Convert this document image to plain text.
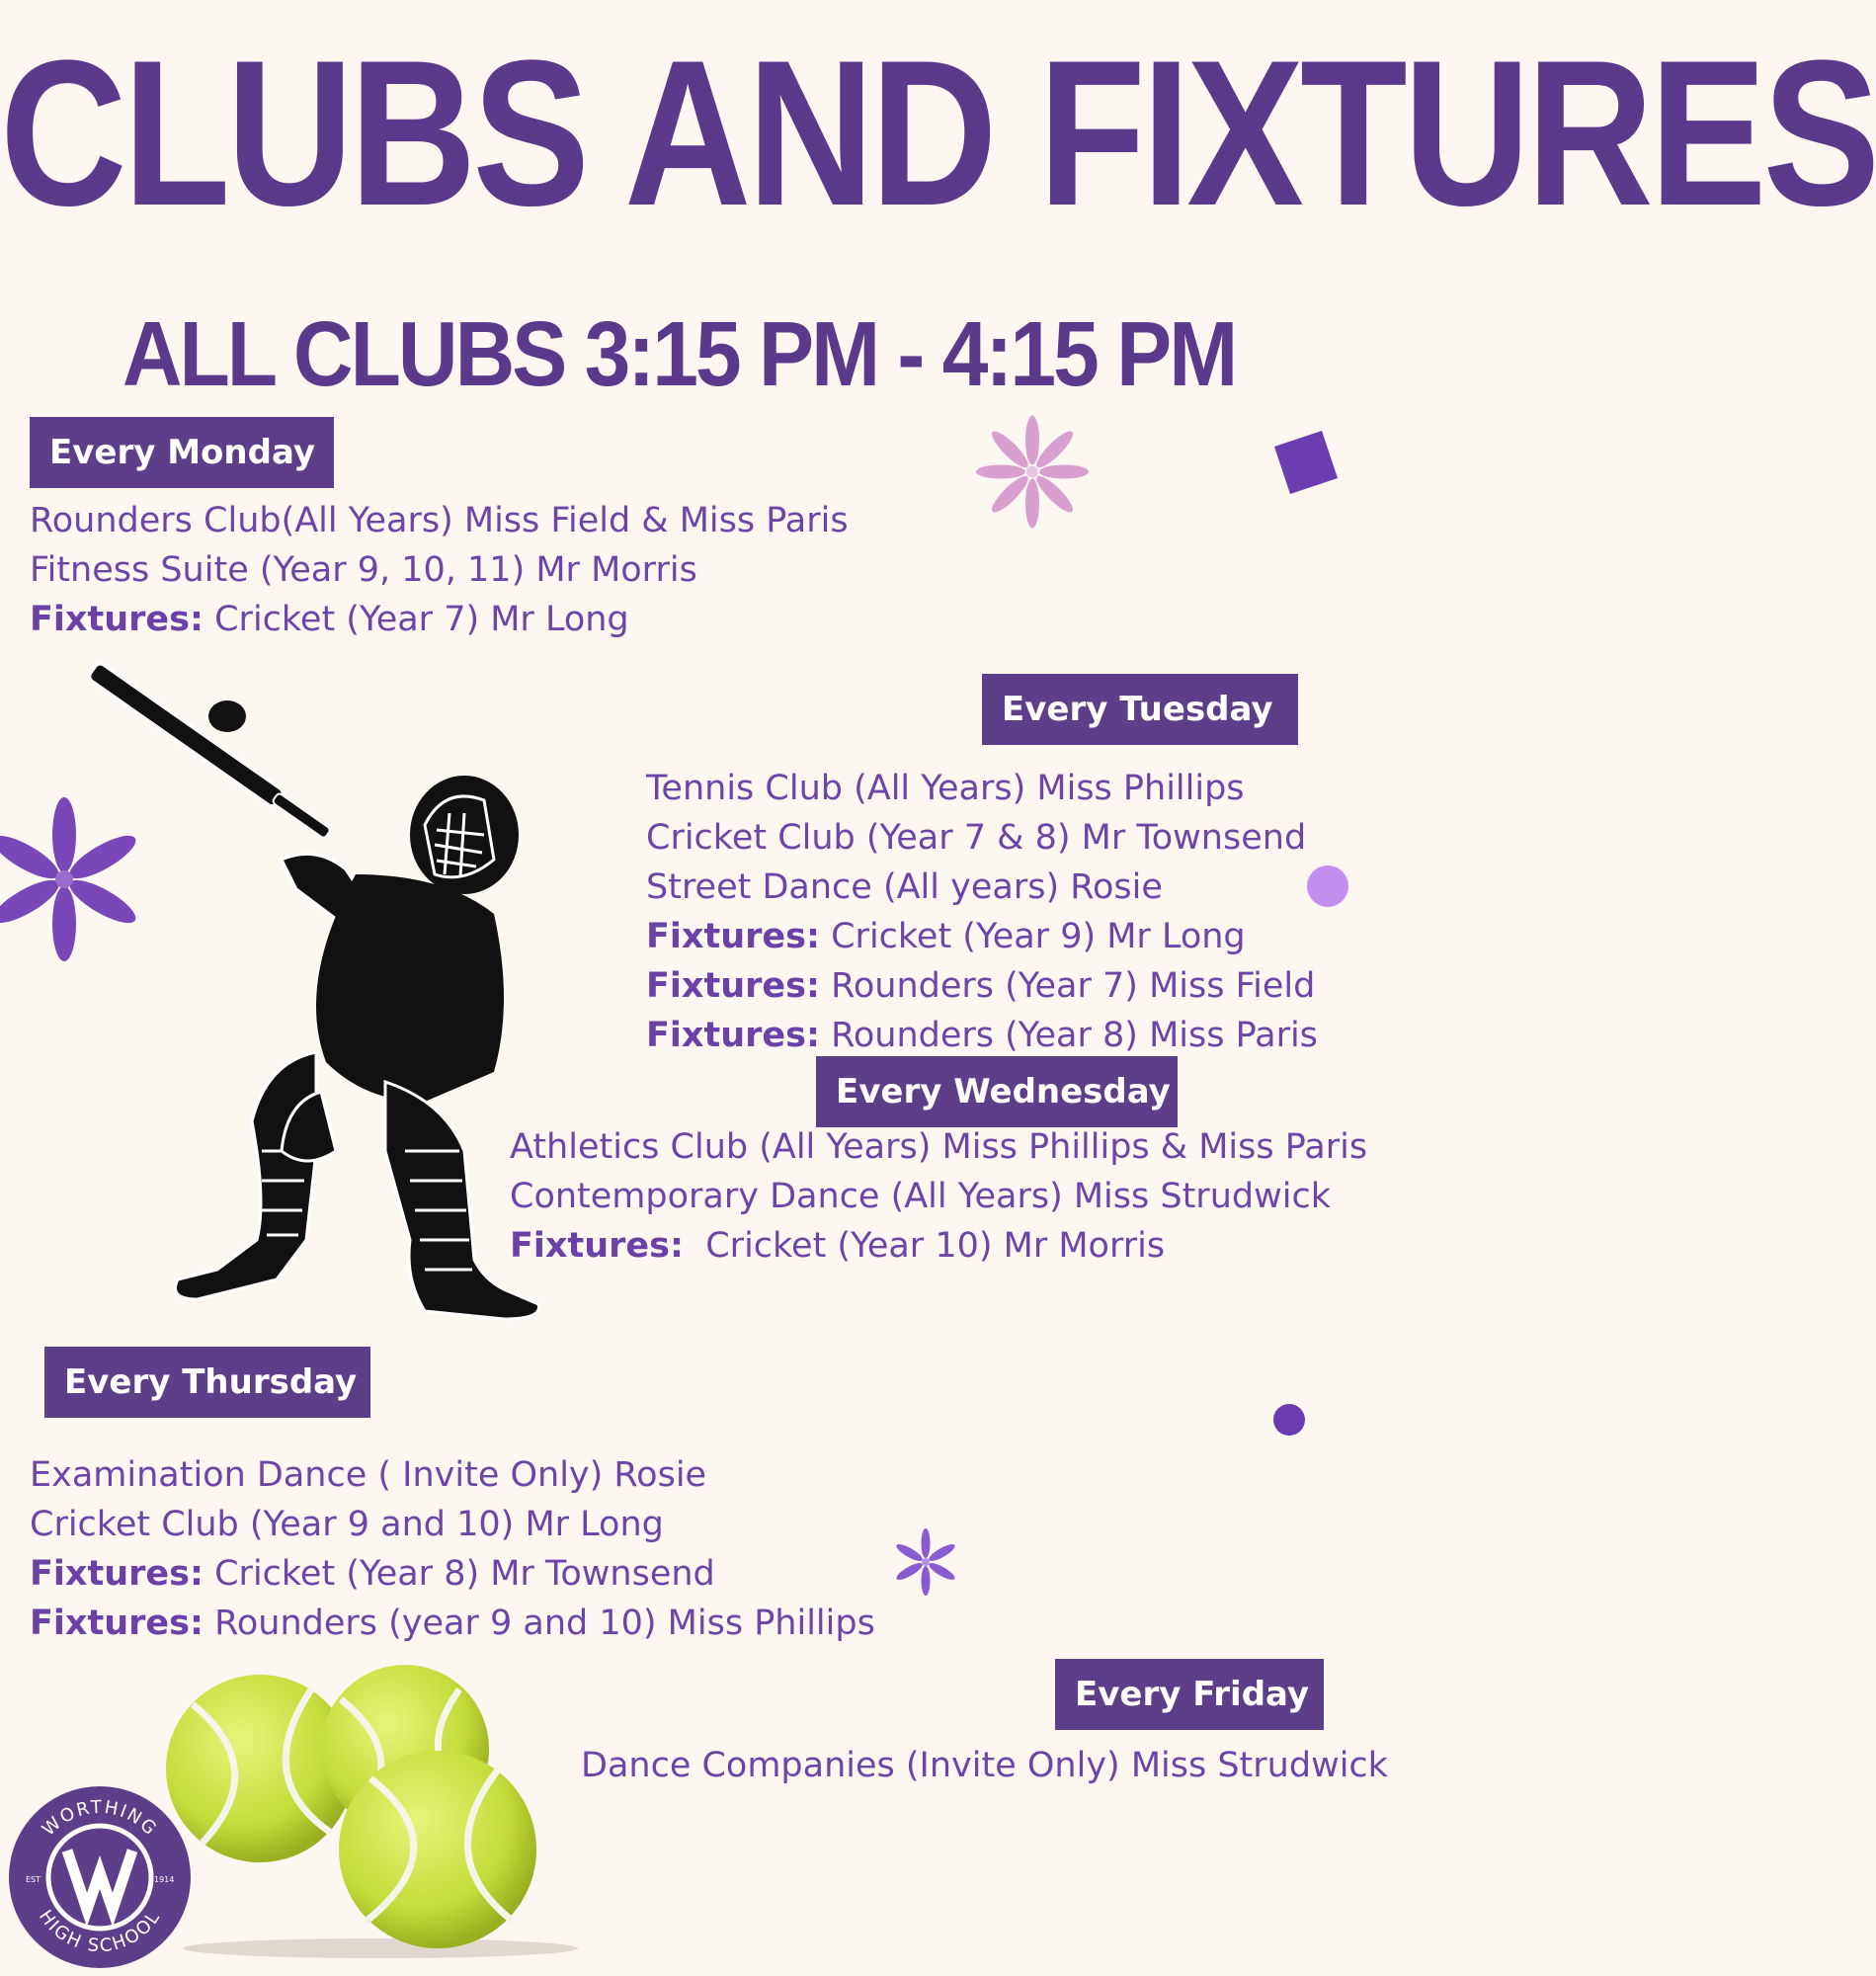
CLUBS AND FIXTURES
ALL CLUBS 3:15 PM - 4:15 PM
WORTHING
HIGH SCHOOL
EST	1914
Every Monday
Rounders Club(All Years) Miss Field & Miss Paris
Fitness Suite (Year 9, 10, 11) Mr Morris
Fixtures: Cricket (Year 7) Mr Long
Every Tuesday
Tennis Club (All Years) Miss Phillips
Cricket Club (Year 7 & 8) Mr Townsend
Street Dance (All years) Rosie
Fixtures: Cricket (Year 9) Mr Long
Fixtures: Rounders (Year 7) Miss Field
Fixtures: Rounders (Year 8) Miss Paris
Every Wednesday
Athletics Club (All Years) Miss Phillips & Miss Paris
Contemporary Dance (All Years) Miss Strudwick
Fixtures:  Cricket (Year 10) Mr Morris
Every Thursday
Examination Dance ( Invite Only) Rosie
Cricket Club (Year 9 and 10) Mr Long
Fixtures: Cricket (Year 8) Mr Townsend
Fixtures: Rounders (year 9 and 10) Miss Phillips
Every Friday
Dance Companies (Invite Only) Miss Strudwick
